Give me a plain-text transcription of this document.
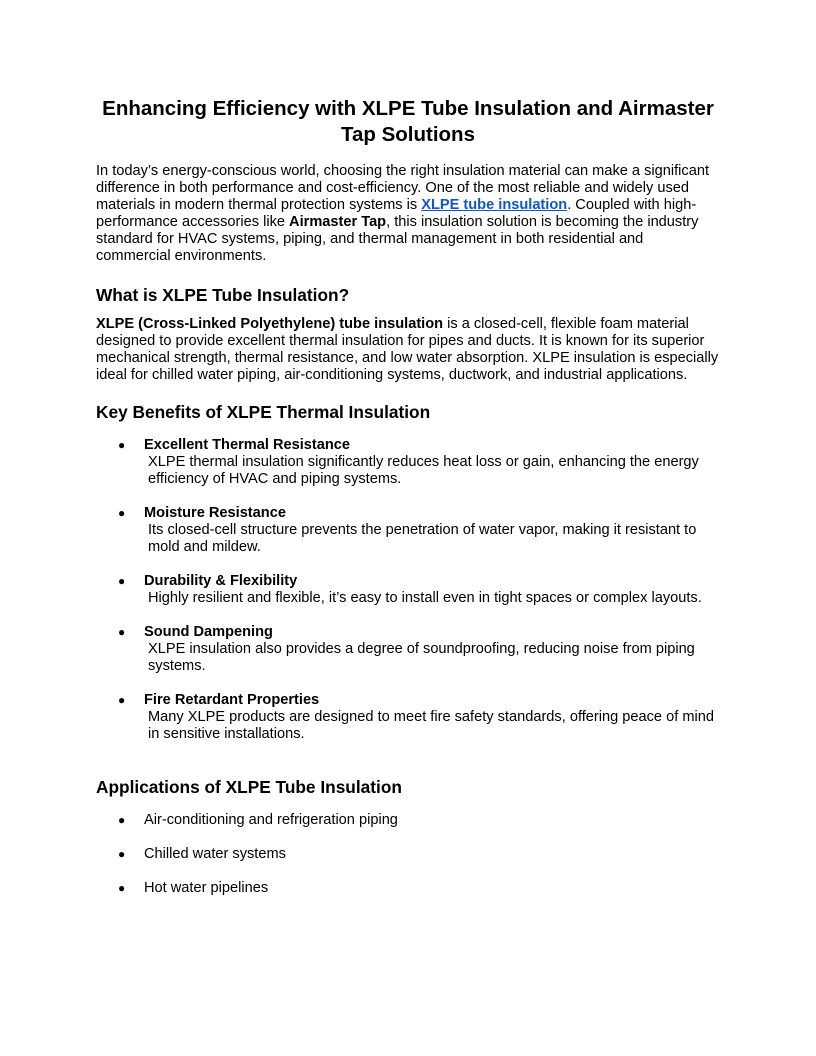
Enhancing Efficiency with XLPE Tube Insulation and Airmaster Tap Solutions

In today’s energy-conscious world, choosing the right insulation material can make a significant difference in both performance and cost-efficiency. One of the most reliable and widely used materials in modern thermal protection systems is XLPE tube insulation. Coupled with high-performance accessories like Airmaster Tap, this insulation solution is becoming the industry standard for HVAC systems, piping, and thermal management in both residential and commercial environments.

What is XLPE Tube Insulation?

XLPE (Cross-Linked Polyethylene) tube insulation is a closed-cell, flexible foam material designed to provide excellent thermal insulation for pipes and ducts. It is known for its superior mechanical strength, thermal resistance, and low water absorption. XLPE insulation is especially ideal for chilled water piping, air-conditioning systems, ductwork, and industrial applications.

Key Benefits of XLPE Thermal Insulation
● Excellent Thermal Resistance
XLPE thermal insulation significantly reduces heat loss or gain, enhancing the energy efficiency of HVAC and piping systems.
● Moisture Resistance
Its closed-cell structure prevents the penetration of water vapor, making it resistant to mold and mildew.
● Durability & Flexibility
Highly resilient and flexible, it’s easy to install even in tight spaces or complex layouts.
● Sound Dampening
XLPE insulation also provides a degree of soundproofing, reducing noise from piping systems.
● Fire Retardant Properties
Many XLPE products are designed to meet fire safety standards, offering peace of mind in sensitive installations.
Applications of XLPE Tube Insulation
● Air-conditioning and refrigeration piping
● Chilled water systems
● Hot water pipelines
